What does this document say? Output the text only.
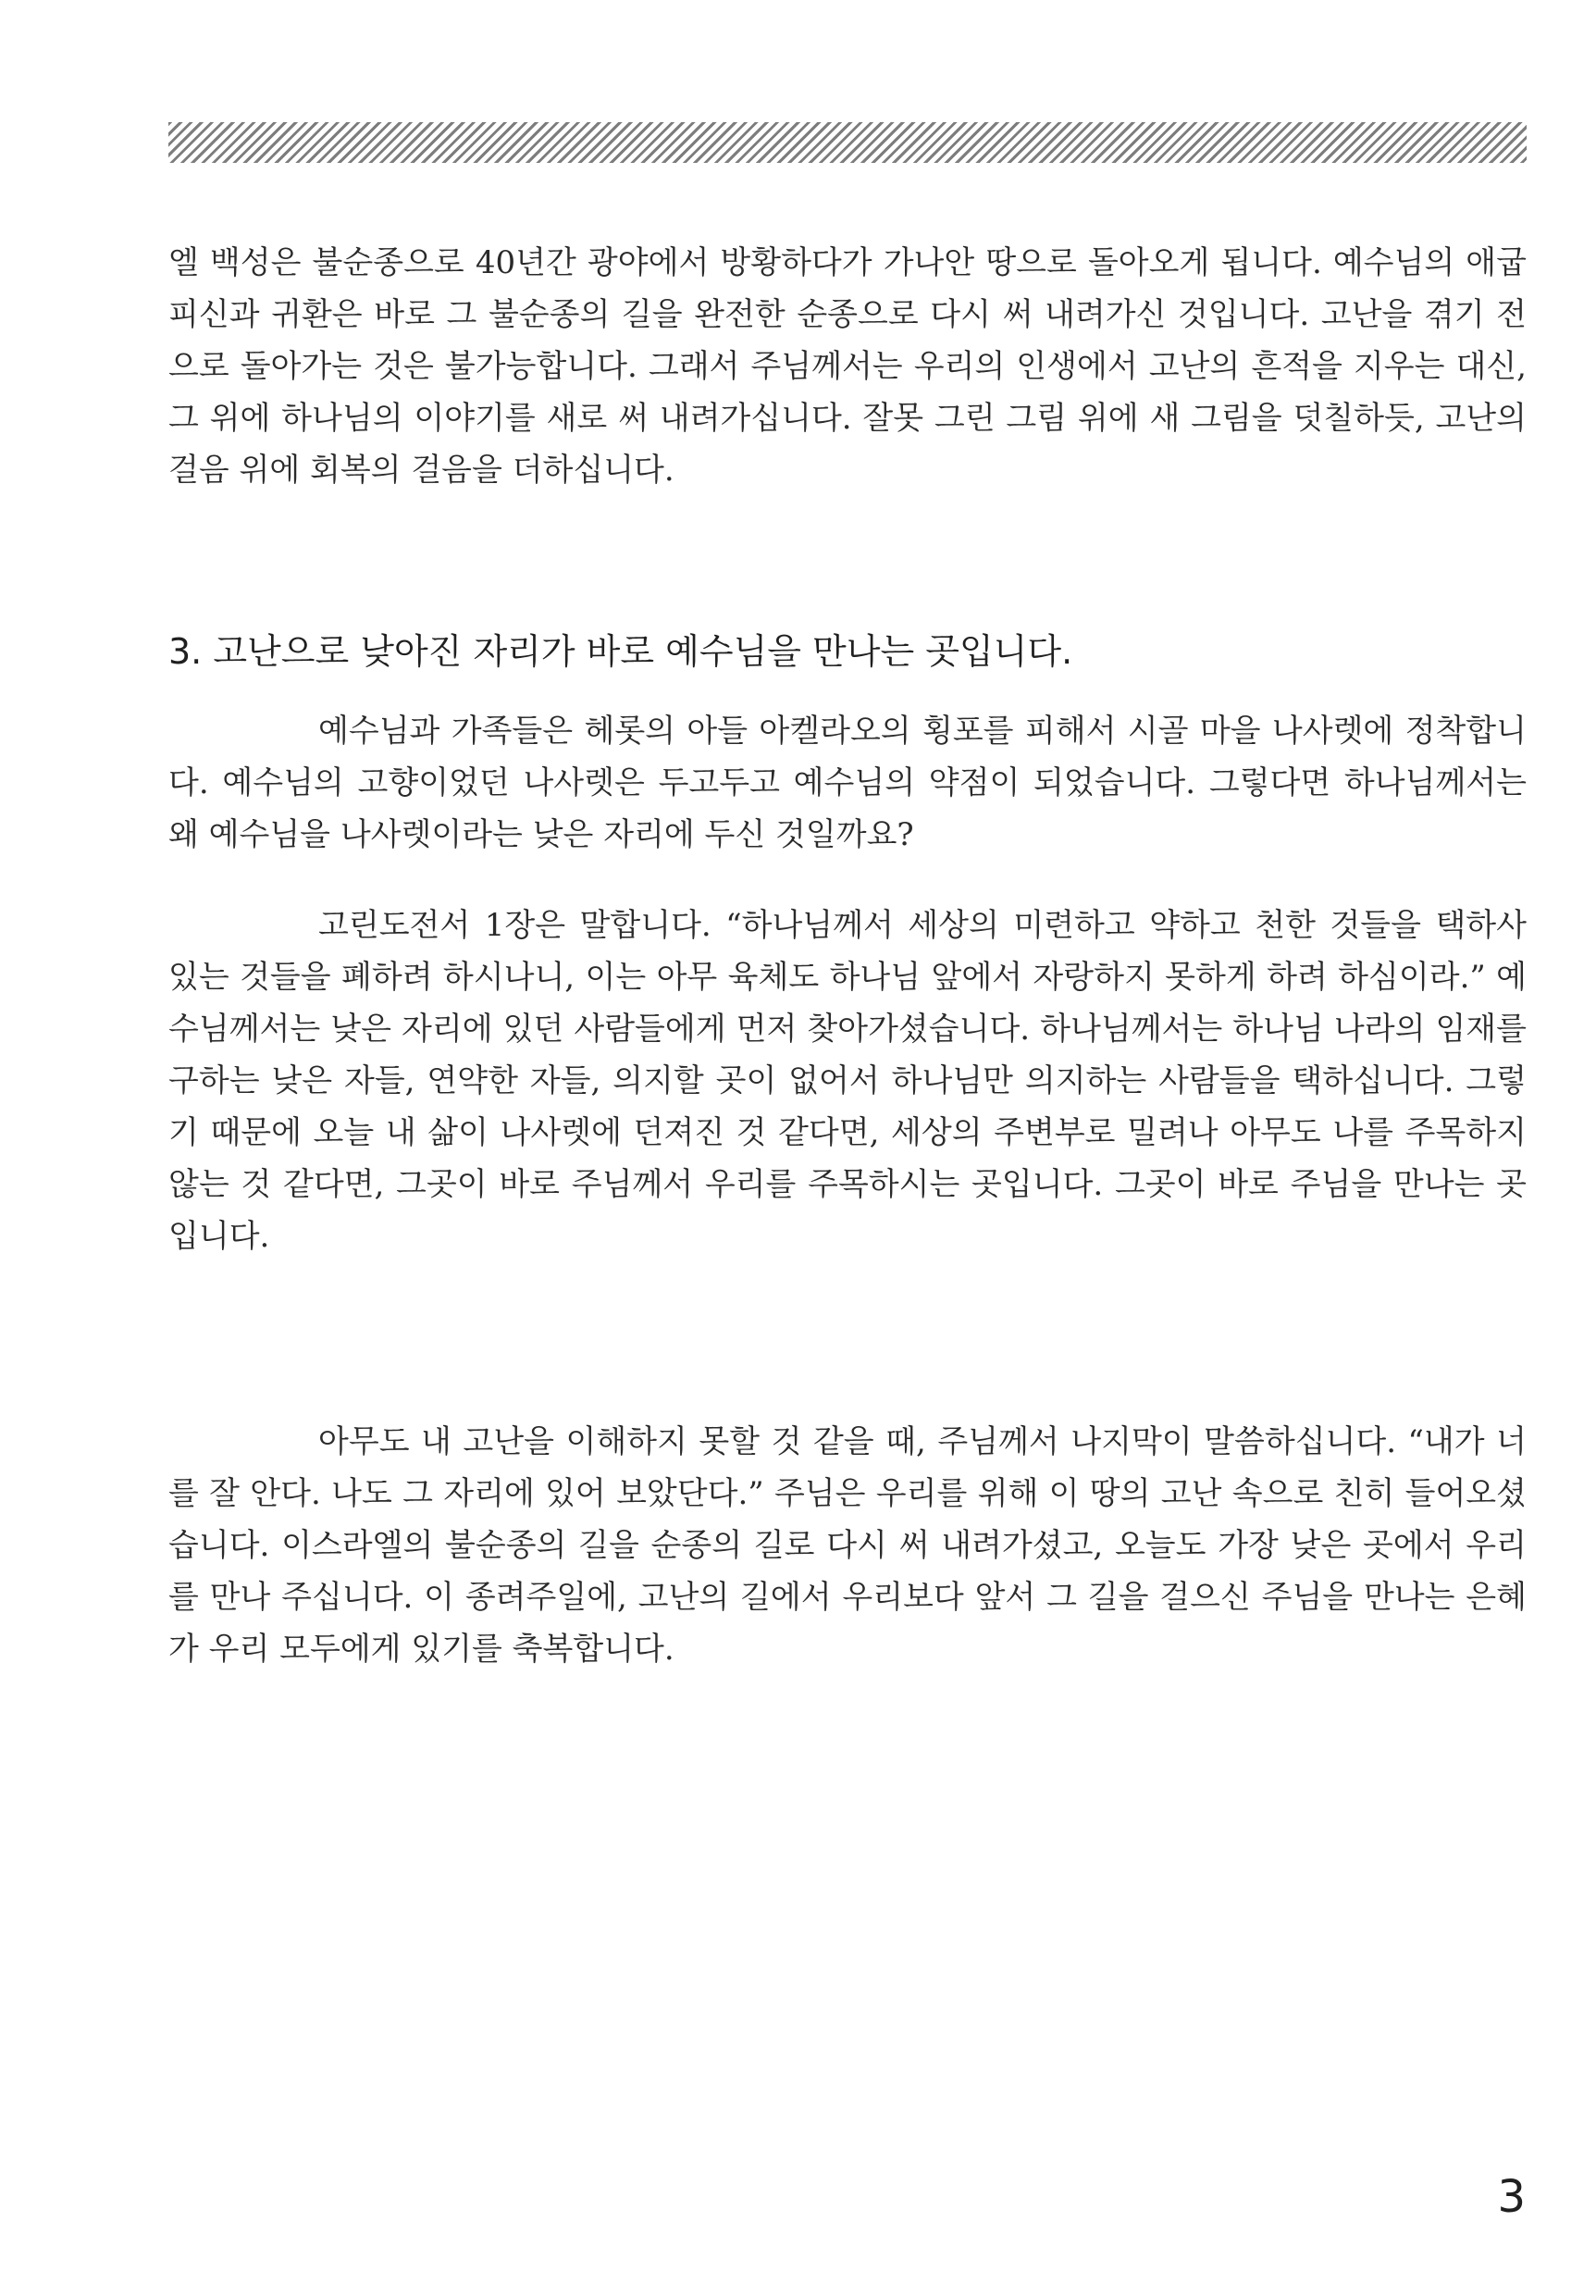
엘 백성은 불순종으로 40년간 광야에서 방황하다가 가나안 땅으로 돌아오게 됩니다. 예수님의 애굽 피신과 귀환은 바로 그 불순종의 길을 완전한 순종으로 다시 써 내려가신 것입니다. 고난을 겪기 전으로 돌아가는 것은 불가능합니다. 그래서 주님께서는 우리의 인생에서 고난의 흔적을 지우는 대신, 그 위에 하나님의 이야기를 새로 써 내려가십니다. 잘못 그린 그림 위에 새 그림을 덧칠하듯, 고난의 걸음 위에 회복의 걸음을 더하십니다.

3. 고난으로 낮아진 자리가 바로 예수님을 만나는 곳입니다.

예수님과 가족들은 헤롯의 아들 아켈라오의 횡포를 피해서 시골 마을 나사렛에 정착합니다. 예수님의 고향이었던 나사렛은 두고두고 예수님의 약점이 되었습니다. 그렇다면 하나님께서는 왜 예수님을 나사렛이라는 낮은 자리에 두신 것일까요?

고린도전서 1장은 말합니다. “하나님께서 세상의 미련하고 약하고 천한 것들을 택하사 있는 것들을 폐하려 하시나니, 이는 아무 육체도 하나님 앞에서 자랑하지 못하게 하려 하심이라.” 예수님께서는 낮은 자리에 있던 사람들에게 먼저 찾아가셨습니다. 하나님께서는 하나님 나라의 임재를 구하는 낮은 자들, 연약한 자들, 의지할 곳이 없어서 하나님만 의지하는 사람들을 택하십니다. 그렇기 때문에 오늘 내 삶이 나사렛에 던져진 것 같다면, 세상의 주변부로 밀려나 아무도 나를 주목하지 않는 것 같다면, 그곳이 바로 주님께서 우리를 주목하시는 곳입니다. 그곳이 바로 주님을 만나는 곳입니다.

아무도 내 고난을 이해하지 못할 것 같을 때, 주님께서 나지막이 말씀하십니다. “내가 너를 잘 안다. 나도 그 자리에 있어 보았단다.” 주님은 우리를 위해 이 땅의 고난 속으로 친히 들어오셨습니다. 이스라엘의 불순종의 길을 순종의 길로 다시 써 내려가셨고, 오늘도 가장 낮은 곳에서 우리를 만나 주십니다. 이 종려주일에, 고난의 길에서 우리보다 앞서 그 길을 걸으신 주님을 만나는 은혜가 우리 모두에게 있기를 축복합니다.

3
